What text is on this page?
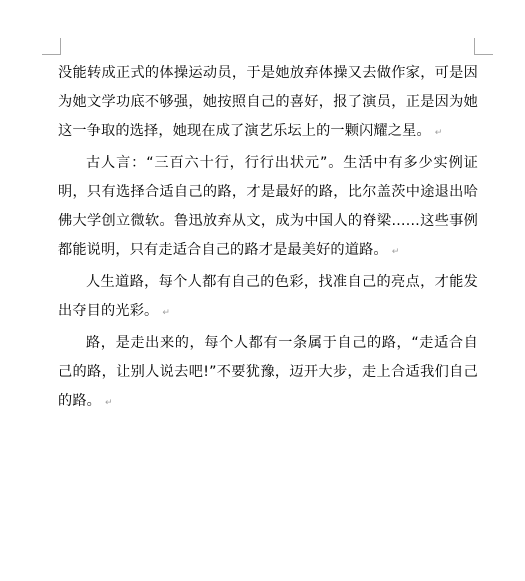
没能转成正式的体操运动员，于是她放弃体操又去做作家，可是因为她文学功底不够强，她按照自己的喜好，报了演员，正是因为她这一争取的选择，她现在成了演艺乐坛上的一颗闪耀之星。 ↵

古人言：“三百六十行，行行出状元”。生活中有多少实例证明，只有选择合适自己的路，才是最好的路，比尔盖茨中途退出哈佛大学创立微软。鲁迅放弃从文，成为中国人的脊梁……这些事例都能说明，只有走适合自己的路才是最美好的道路。 ↵

人生道路，每个人都有自己的色彩，找准自己的亮点，才能发出夺目的光彩。 ↵

路，是走出来的，每个人都有一条属于自己的路，“走适合自己的路，让别人说去吧!”不要犹豫，迈开大步，走上合适我们自己的路。 ↵
